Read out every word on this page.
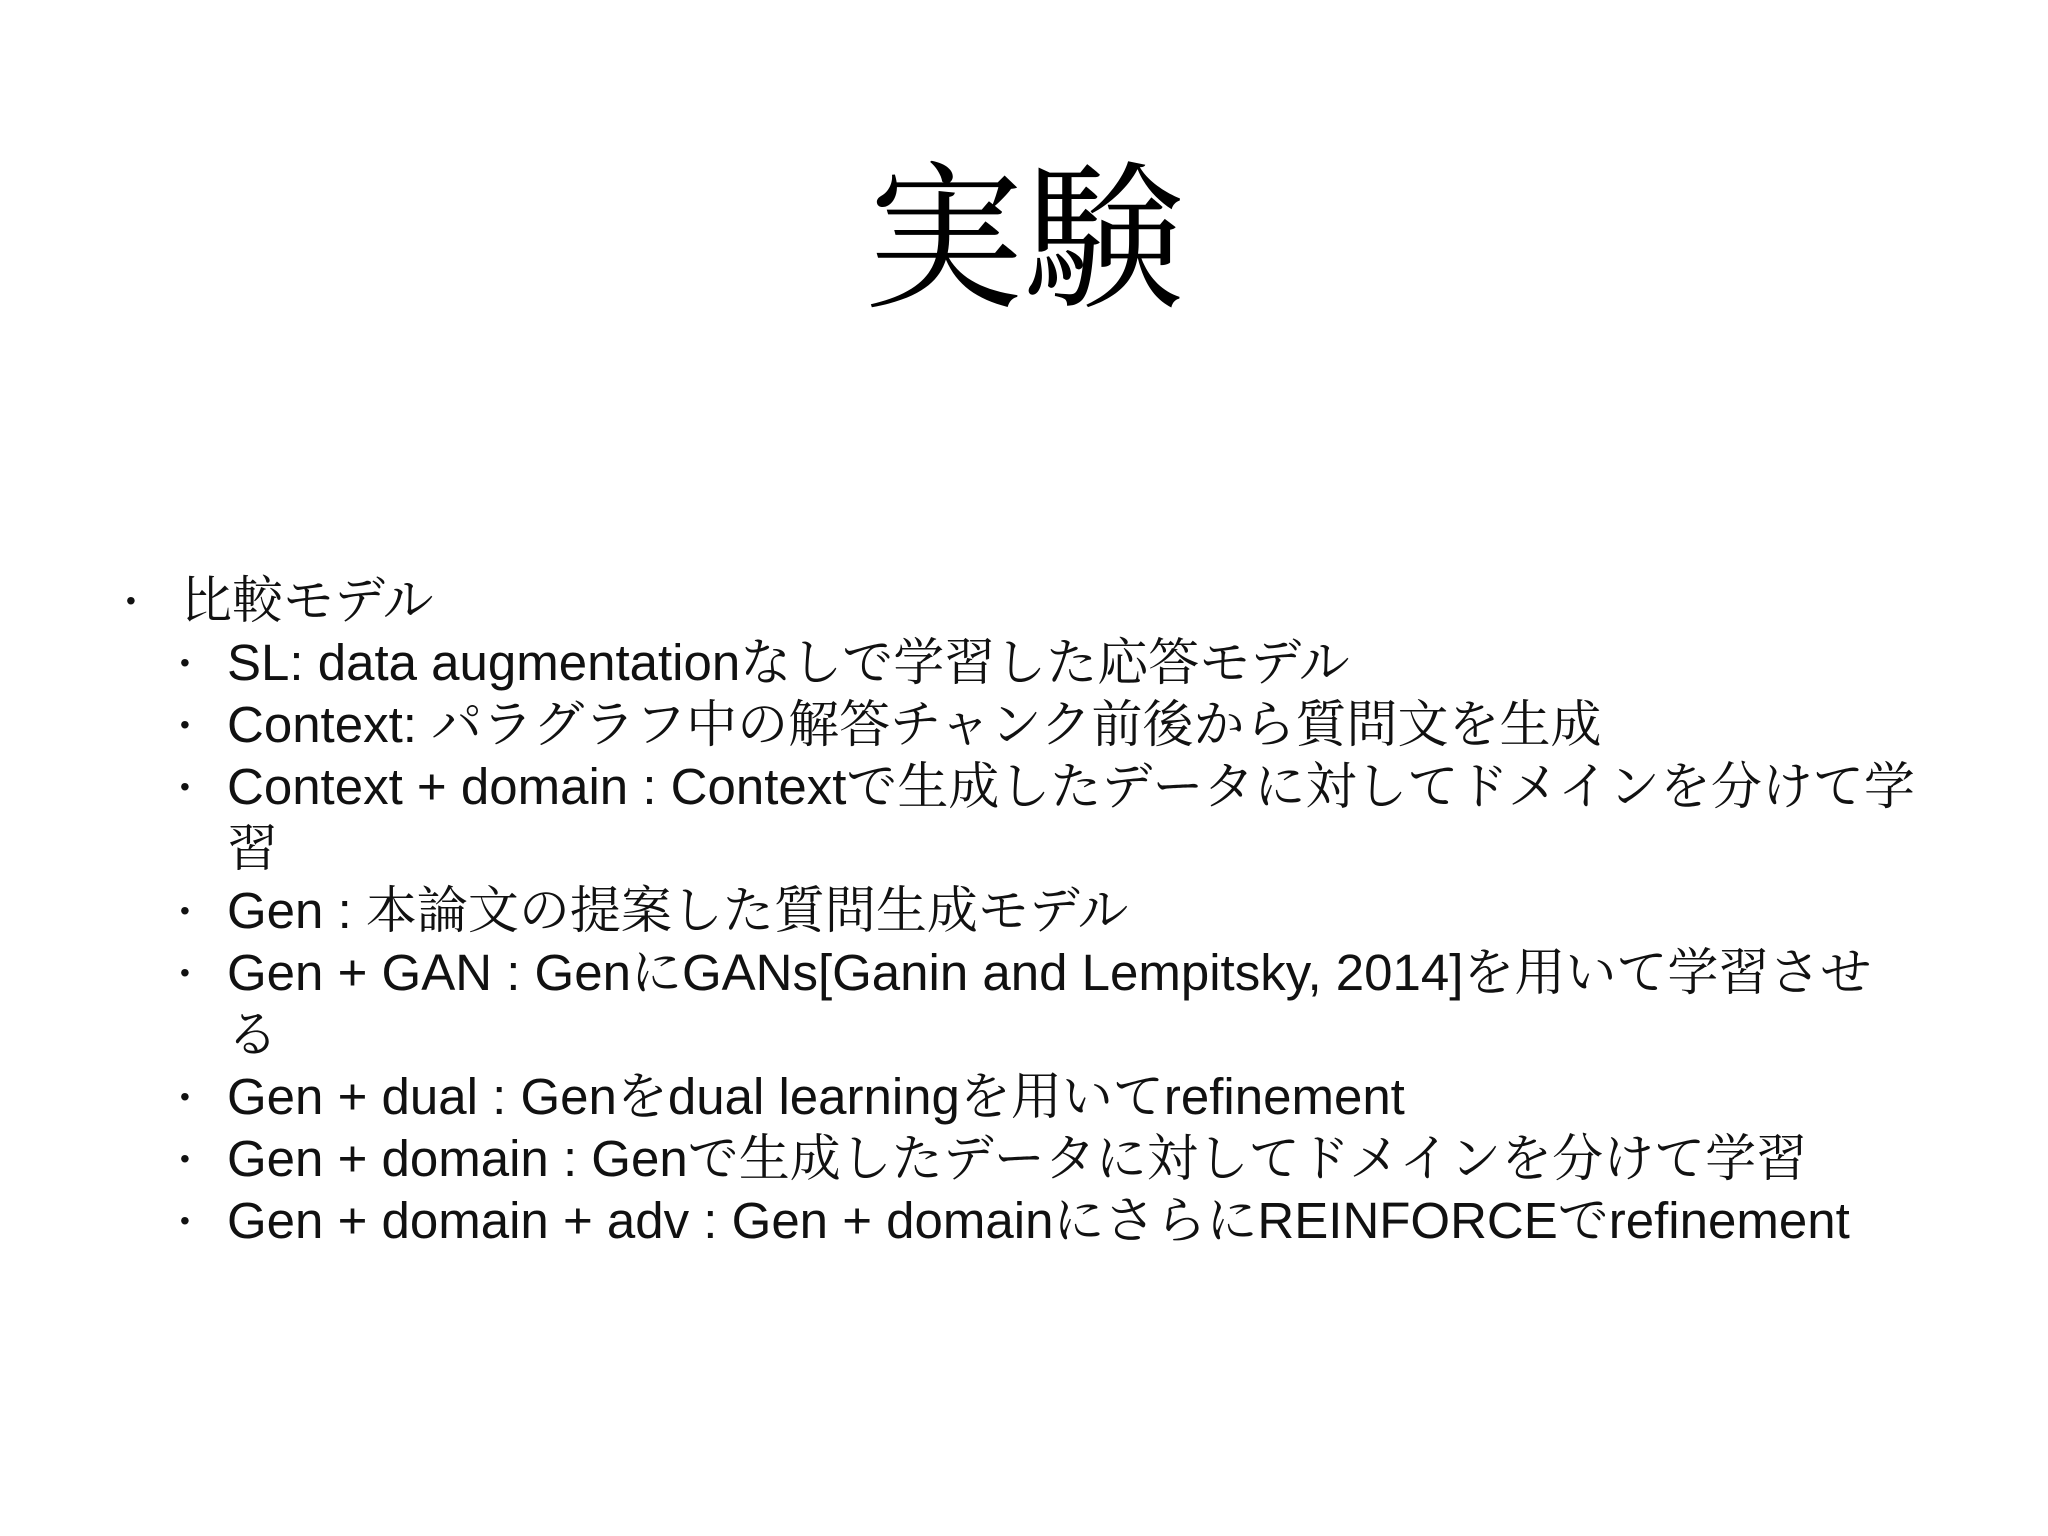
実験
• 比較モデル
• SL: data augmentationなしで学習した応答モデル
• Context: パラグラフ中の解答チャンク前後から質問文を生成
• Context + domain : Contextで生成したデータに対してドメインを分けて学習
• Gen : 本論文の提案した質問生成モデル
• Gen + GAN : GenにGANs[Ganin and Lempitsky, 2014]を用いて学習させる
• Gen + dual : Genをdual learningを用いてrefinement
• Gen + domain : Genで生成したデータに対してドメインを分けて学習
• Gen + domain + adv : Gen + domainにさらにREINFORCEでrefinement
